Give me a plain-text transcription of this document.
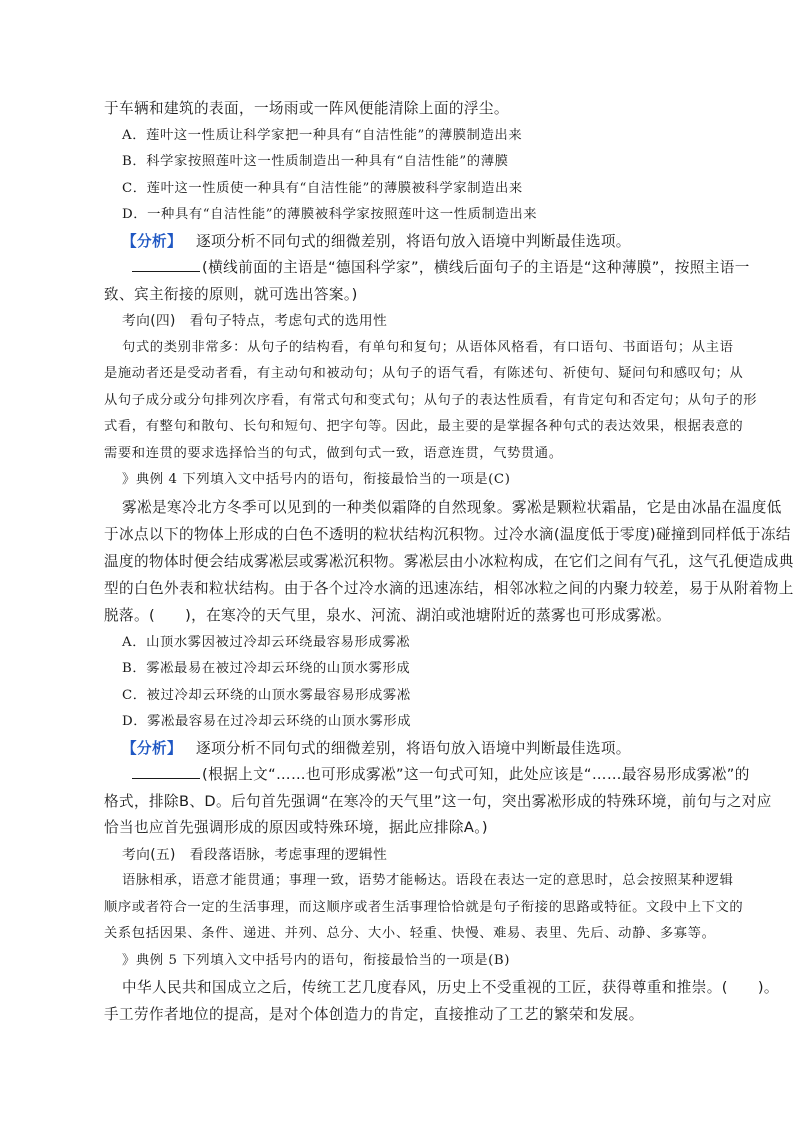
于车辆和建筑的表面，一场雨或一阵风便能清除上面的浮尘。

A．莲叶这一性质让科学家把一种具有“自洁性能”的薄膜制造出来

B．科学家按照莲叶这一性质制造出一种具有“自洁性能”的薄膜

C．莲叶这一性质使一种具有“自洁性能”的薄膜被科学家制造出来

D．一种具有“自洁性能”的薄膜被科学家按照莲叶这一性质制造出来

【分析】 逐项分析不同句式的细微差别，将语句放入语境中判断最佳选项。

(横线前面的主语是“德国科学家”，横线后面句子的主语是“这种薄膜”，按照主语一

致、宾主衔接的原则，就可选出答案。)

考向(四)　看句子特点，考虑句式的选用性

句式的类别非常多：从句子的结构看，有单句和复句；从语体风格看，有口语句、书面语句；从主语

是施动者还是受动者看，有主动句和被动句；从句子的语气看，有陈述句、祈使句、疑问句和感叹句；从

从句子成分或分句排列次序看，有常式句和变式句；从句子的表达性质看，有肯定句和否定句；从句子的形

式看，有整句和散句、长句和短句、把字句等。因此，最主要的是掌握各种句式的表达效果，根据表意的

需要和连贯的要求选择恰当的句式，做到句式一致，语意连贯，气势贯通。

》典例 4 下列填入文中括号内的语句，衔接最恰当的一项是(C)

雾凇是寒冷北方冬季可以见到的一种类似霜降的自然现象。雾凇是颗粒状霜晶，它是由冰晶在温度低

于冰点以下的物体上形成的白色不透明的粒状结构沉积物。过冷水滴(温度低于零度)碰撞到同样低于冻结

温度的物体时便会结成雾凇层或雾凇沉积物。雾凇层由小冰粒构成，在它们之间有气孔，这气孔便造成典

型的白色外表和粒状结构。由于各个过冷水滴的迅速冻结，相邻冰粒之间的内聚力较差，易于从附着物上

脱落。(　　)，在寒冷的天气里，泉水、河流、湖泊或池塘附近的蒸雾也可形成雾凇。

A．山顶水雾因被过冷却云环绕最容易形成雾凇

B．雾凇最易在被过冷却云环绕的山顶水雾形成

C．被过冷却云环绕的山顶水雾最容易形成雾凇

D．雾凇最容易在过冷却云环绕的山顶水雾形成

【分析】 逐项分析不同句式的细微差别，将语句放入语境中判断最佳选项。

(根据上文“……也可形成雾凇”这一句式可知，此处应该是“……最容易形成雾凇”的

格式，排除B、D。后句首先强调“在寒冷的天气里”这一句，突出雾凇形成的特殊环境，前句与之对应

恰当也应首先强调形成的原因或特殊环境，据此应排除A。)

考向(五)　看段落语脉，考虑事理的逻辑性

语脉相承，语意才能贯通；事理一致，语势才能畅达。语段在表达一定的意思时，总会按照某种逻辑

顺序或者符合一定的生活事理，而这顺序或者生活事理恰恰就是句子衔接的思路或特征。文段中上下文的

关系包括因果、条件、递进、并列、总分、大小、轻重、快慢、难易、表里、先后、动静、多寡等。

》典例 5 下列填入文中括号内的语句，衔接最恰当的一项是(B)

中华人民共和国成立之后，传统工艺几度春风，历史上不受重视的工匠，获得尊重和推崇。(　　)。

手工劳作者地位的提高，是对个体创造力的肯定，直接推动了工艺的繁荣和发展。
